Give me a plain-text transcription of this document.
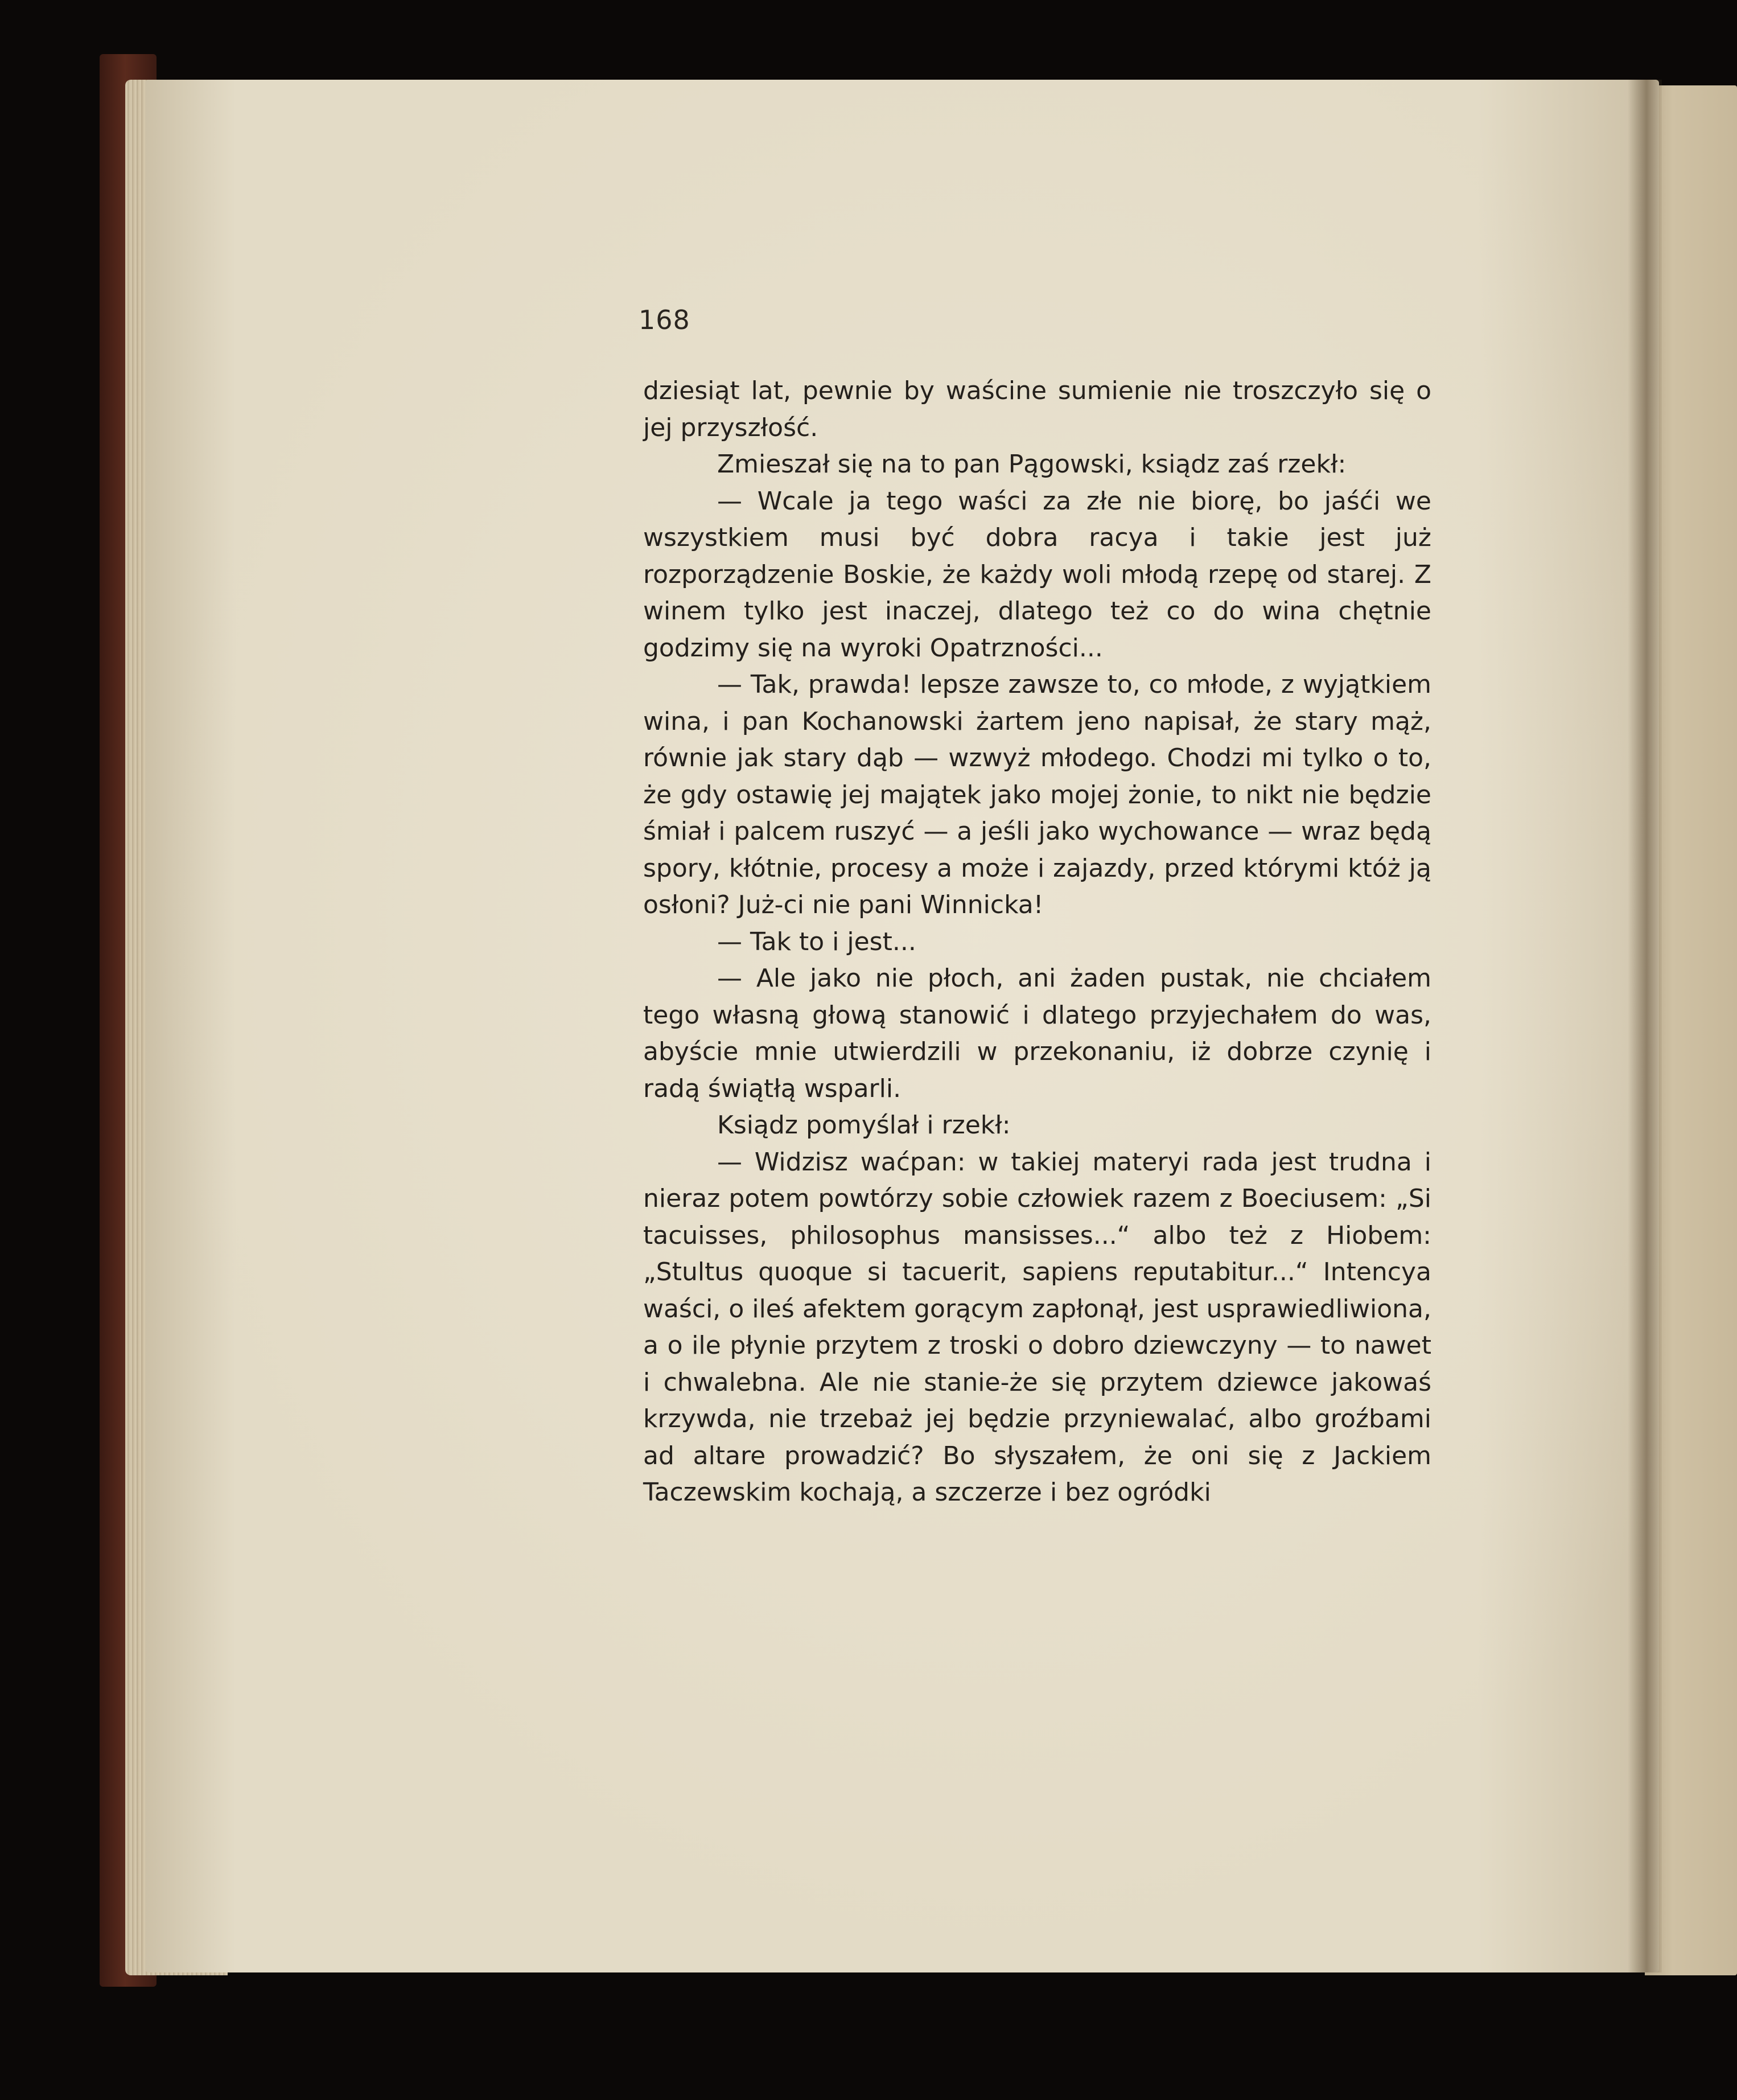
168

dziesiąt lat, pewnie by waścine sumienie nie troszczyło się o jej przyszłość.

Zmieszał się na to pan Pągowski, ksiądz zaś rzekł:

— Wcale ja tego waści za złe nie biorę, bo jaśći we wszystkiem musi być dobra racya i takie jest już rozporządzenie Boskie, że każdy woli młodą rzepę od starej. Z winem tylko jest inaczej, dlatego też co do wina chętnie godzimy się na wyroki Opatrzności...

— Tak, prawda! lepsze zawsze to, co młode, z wyjątkiem wina, i pan Kochanowski żartem jeno napisał, że stary mąż, równie jak stary dąb — wzwyż młodego. Chodzi mi tylko o to, że gdy ostawię jej majątek jako mojej żonie, to nikt nie będzie śmiał i palcem ruszyć — a jeśli jako wychowance — wraz będą spory, kłótnie, procesy a może i zajazdy, przed którymi któż ją osłoni? Już-ci nie pani Winnicka!

— Tak to i jest...

— Ale jako nie płoch, ani żaden pustak, nie chciałem tego własną głową stanowić i dlatego przyjechałem do was, abyście mnie utwierdzili w przekonaniu, iż dobrze czynię i radą świątłą wsparli.

Ksiądz pomyślał i rzekł:

— Widzisz waćpan: w takiej materyi rada jest trudna i nieraz potem powtórzy sobie człowiek razem z Boeciusem: „Si tacuisses, philosophus mansisses...“ albo też z Hiobem: „Stultus quoque si tacuerit, sapiens reputabitur...“ Intencya waści, o ileś afektem gorącym zapłonął, jest usprawiedliwiona, a o ile płynie przytem z troski o dobro dziewczyny — to nawet i chwalebna. Ale nie stanie-że się przytem dziewce jakowaś krzywda, nie trzebaż jej będzie przyniewalać, albo groźbami ad altare prowadzić? Bo słyszałem, że oni się z Jackiem Taczewskim kochają, a szczerze i bez ogródki
